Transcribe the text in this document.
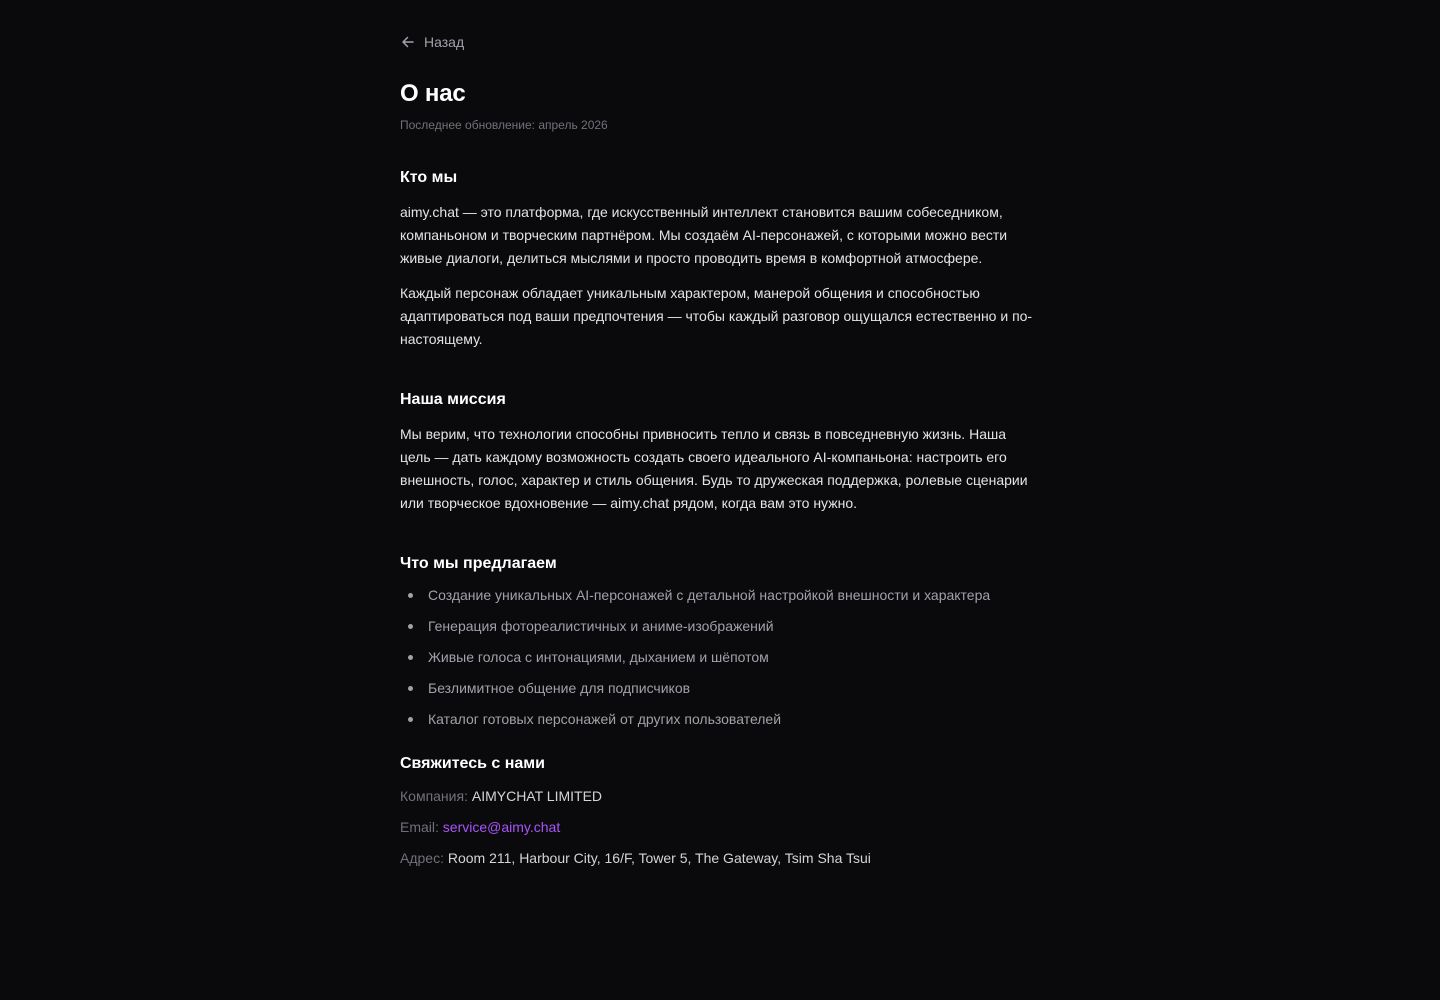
Назад
О нас
Последнее обновление: апрель 2026
Кто мы

aimy.chat — это платформа, где искусственный интеллект становится вашим собеседником, компаньоном и творческим партнёром. Мы создаём AI-персонажей, с которыми можно вести живые диалоги, делиться мыслями и просто проводить время в комфортной атмосфере.

Каждый персонаж обладает уникальным характером, манерой общения и способностью адаптироваться под ваши предпочтения — чтобы каждый разговор ощущался естественно и по-настоящему.

Наша миссия

Мы верим, что технологии способны привносить тепло и связь в повседневную жизнь. Наша цель — дать каждому возможность создать своего идеального AI-компаньона: настроить его внешность, голос, характер и стиль общения. Будь то дружеская поддержка, ролевые сценарии или творческое вдохновение — aimy.chat рядом, когда вам это нужно.

Что мы предлагаем
Создание уникальных AI-персонажей с детальной настройкой внешности и характера
Генерация фотореалистичных и аниме-изображений
Живые голоса с интонациями, дыханием и шёпотом
Безлимитное общение для подписчиков
Каталог готовых персонажей от других пользователей
Свяжитесь с нами
Компания: AIMYCHAT LIMITED
Email: service@aimy.chat
Адрес: Room 211, Harbour City, 16/F, Tower 5, The Gateway, Tsim Sha Tsui
